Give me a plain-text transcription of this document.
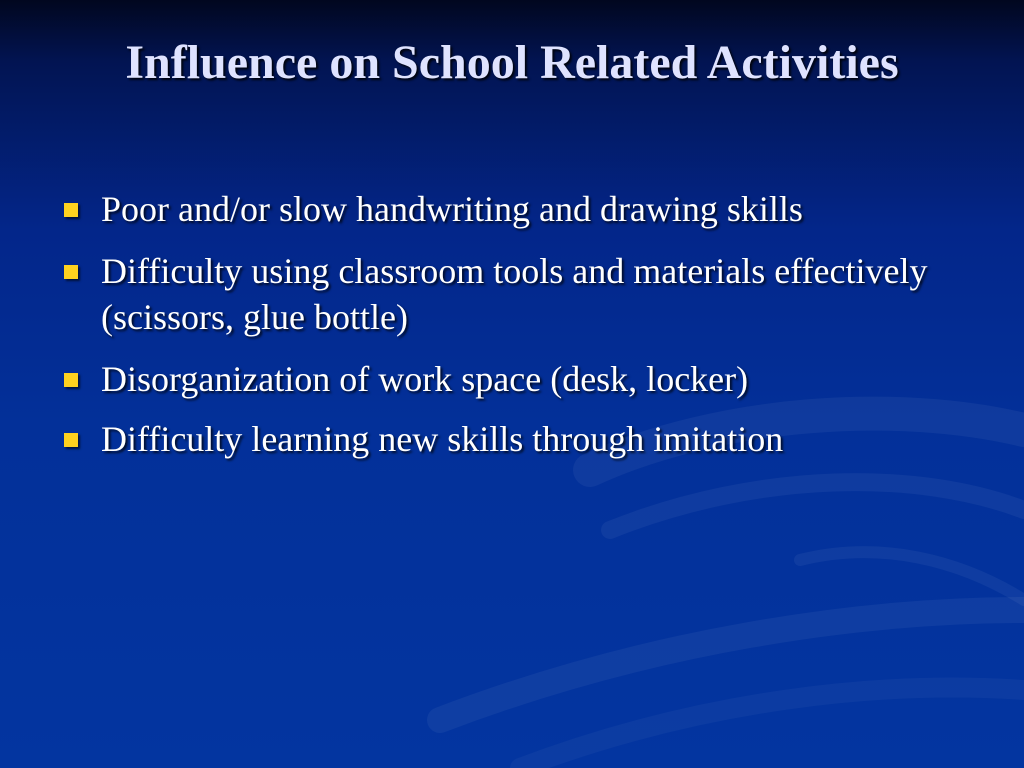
Influence on School Related Activities
Poor and/or slow handwriting and drawing skills
Difficulty using classroom tools and materials effectively (scissors, glue bottle)
Disorganization of work space (desk, locker)
Difficulty learning new skills through imitation
